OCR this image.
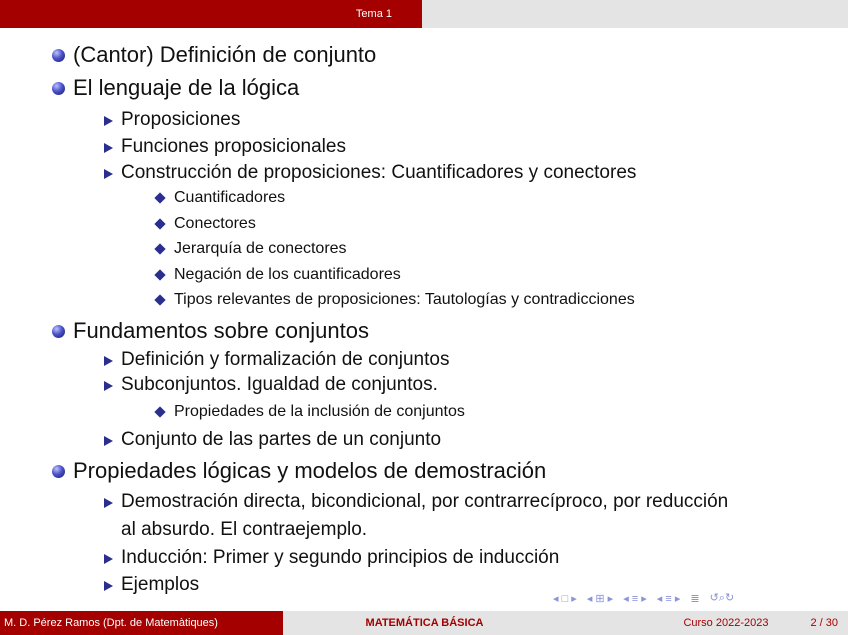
Tema 1
(Cantor) Definición de conjunto
El lenguaje de la lógica
Proposiciones
Funciones proposicionales
Construcción de proposiciones: Cuantificadores y conectores
Cuantificadores
Conectores
Jerarquía de conectores
Negación de los cuantificadores
Tipos relevantes de proposiciones: Tautologías y contradicciones
Fundamentos sobre conjuntos
Definición y formalización de conjuntos
Subconjuntos. Igualdad de conjuntos.
Propiedades de la inclusión de conjuntos
Conjunto de las partes de un conjunto
Propiedades lógicas y modelos de demostración
Demostración directa, bicondicional, por contrarrecíproco, por reducción al absurdo. El contraejemplo.
Inducción: Primer y segundo principios de inducción
Ejemplos
◂ □ ▸ ◂ ⊞ ▸ ◂ ≡ ▸ ◂ ≡ ▸ ≣ ↺⌕↻
M. D. Pérez Ramos (Dpt. de Matemàtiques)	MATEMÁTICA BÁSICA	Curso 2022-2023	2 / 30
